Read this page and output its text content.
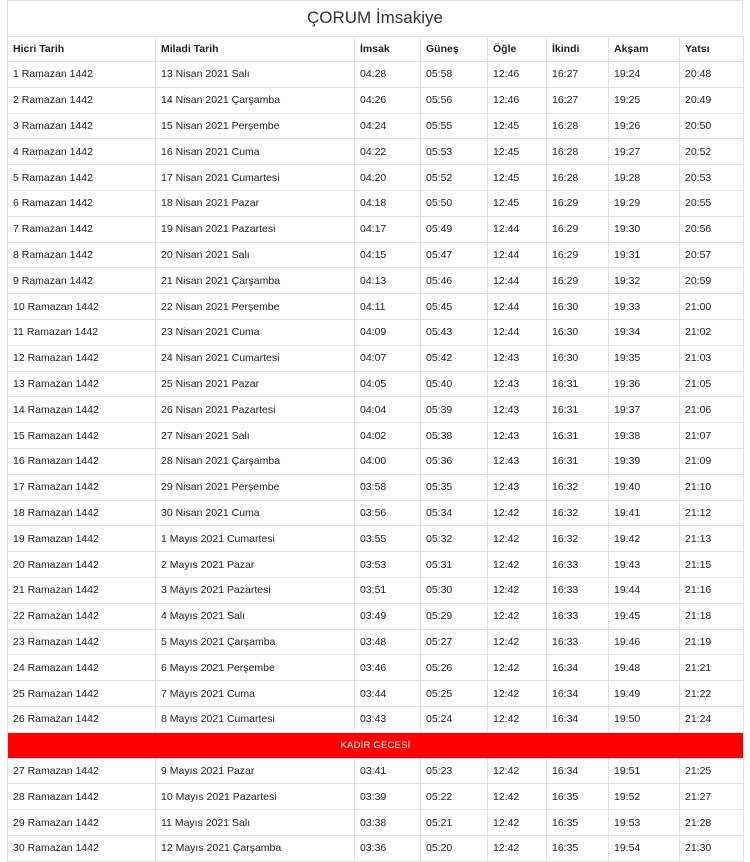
ÇORUM İmsakiye
Hicri Tarih	Miladi Tarih	İmsak	Güneş	Öğle	İkindi	Akşam	Yatsı
1 Ramazan 1442	13 Nisan 2021 Salı	04:28	05:58	12:46	16:27	19:24	20:48
2 Ramazan 1442	14 Nisan 2021 Çarşamba	04:26	05:56	12:46	16:27	19:25	20:49
3 Ramazan 1442	15 Nisan 2021 Perşembe	04:24	05:55	12:45	16:28	19:26	20:50
4 Ramazan 1442	16 Nisan 2021 Cuma	04:22	05:53	12:45	16:28	19:27	20:52
5 Ramazan 1442	17 Nisan 2021 Cumartesi	04:20	05:52	12:45	16:28	19:28	20:53
6 Ramazan 1442	18 Nisan 2021 Pazar	04:18	05:50	12:45	16:29	19:29	20:55
7 Ramazan 1442	19 Nisan 2021 Pazartesi	04:17	05:49	12:44	16:29	19:30	20:56
8 Ramazan 1442	20 Nisan 2021 Salı	04:15	05:47	12:44	16:29	19:31	20:57
9 Ramazan 1442	21 Nisan 2021 Çarşamba	04:13	05:46	12:44	16:29	19:32	20:59
10 Ramazan 1442	22 Nisan 2021 Perşembe	04:11	05:45	12:44	16:30	19:33	21:00
11 Ramazan 1442	23 Nisan 2021 Cuma	04:09	05:43	12:44	16:30	19:34	21:02
12 Ramazan 1442	24 Nisan 2021 Cumartesi	04:07	05:42	12:43	16:30	19:35	21:03
13 Ramazan 1442	25 Nisan 2021 Pazar	04:05	05:40	12:43	16:31	19:36	21:05
14 Ramazan 1442	26 Nisan 2021 Pazartesi	04:04	05:39	12:43	16:31	19:37	21:06
15 Ramazan 1442	27 Nisan 2021 Salı	04:02	05:38	12:43	16:31	19:38	21:07
16 Ramazan 1442	28 Nisan 2021 Çarşamba	04:00	05:36	12:43	16:31	19:39	21:09
17 Ramazan 1442	29 Nisan 2021 Perşembe	03:58	05:35	12:43	16:32	19:40	21:10
18 Ramazan 1442	30 Nisan 2021 Cuma	03:56	05:34	12:42	16:32	19:41	21:12
19 Ramazan 1442	1 Mayıs 2021 Cumartesi	03:55	05:32	12:42	16:32	19:42	21:13
20 Ramazan 1442	2 Mayıs 2021 Pazar	03:53	05:31	12:42	16:33	19:43	21:15
21 Ramazan 1442	3 Mayıs 2021 Pazartesi	03:51	05:30	12:42	16:33	19:44	21:16
22 Ramazan 1442	4 Mayıs 2021 Salı	03:49	05:29	12:42	16:33	19:45	21:18
23 Ramazan 1442	5 Mayıs 2021 Çarşamba	03:48	05:27	12:42	16:33	19:46	21:19
24 Ramazan 1442	6 Mayıs 2021 Perşembe	03:46	05:26	12:42	16:34	19:48	21:21
25 Ramazan 1442	7 Mayıs 2021 Cuma	03:44	05:25	12:42	16:34	19:49	21:22
26 Ramazan 1442	8 Mayıs 2021 Cumartesi	03:43	05:24	12:42	16:34	19:50	21:24
KADİR GECESİ							
27 Ramazan 1442	9 Mayıs 2021 Pazar	03:41	05:23	12:42	16:34	19:51	21:25
28 Ramazan 1442	10 Mayıs 2021 Pazartesi	03:39	05:22	12:42	16:35	19:52	21:27
29 Ramazan 1442	11 Mayıs 2021 Salı	03:38	05:21	12:42	16:35	19:53	21:28
30 Ramazan 1442	12 Mayıs 2021 Çarşamba	03:36	05:20	12:42	16:35	19:54	21:30
